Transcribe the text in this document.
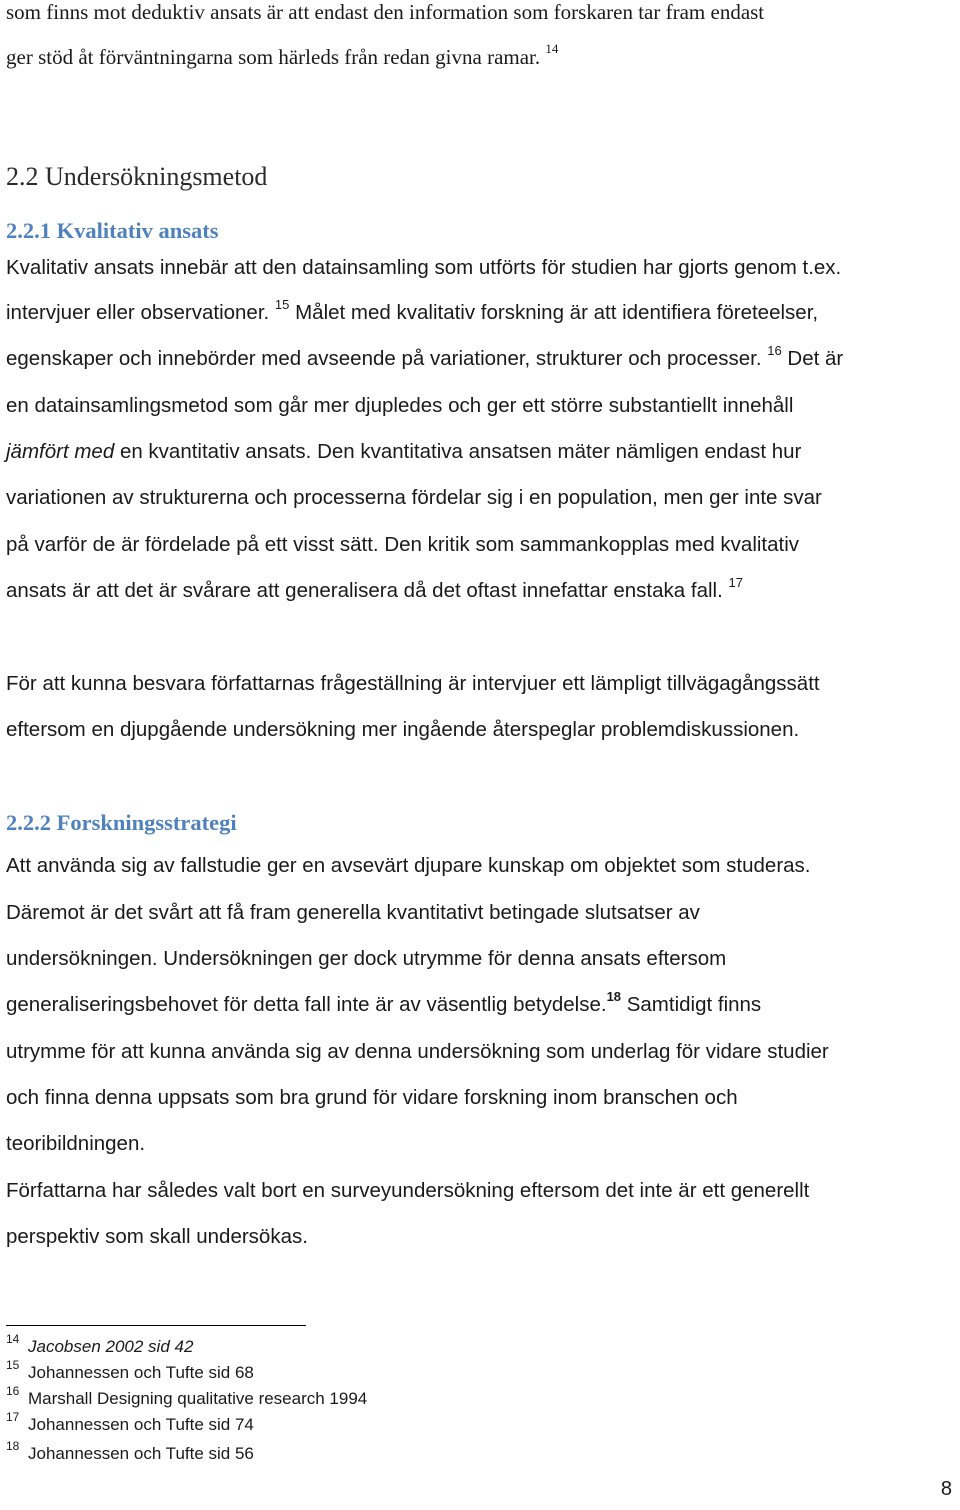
som finns mot deduktiv ansats är att endast den information som forskaren tar fram endast
ger stöd åt förväntningarna som härleds från redan givna ramar. $^{14}$
2.2 Undersökningsmetod
2.2.1 Kvalitativ ansats
Kvalitativ ansats innebär att den datainsamling som utförts för studien har gjorts genom t.ex.
intervjuer eller observationer. $^{15}$ Målet med kvalitativ forskning är att identifiera företeelser,
egenskaper och innebörder med avseende på variationer, strukturer och processer. $^{16}$ Det är
en datainsamlingsmetod som går mer djupledes och ger ett större substantiellt innehåll
jämfört med en kvantitativ ansats. Den kvantitativa ansatsen mäter nämligen endast hur
variationen av strukturerna och processerna fördelar sig i en population, men ger inte svar
på varför de är fördelade på ett visst sätt. Den kritik som sammankopplas med kvalitativ
ansats är att det är svårare att generalisera då det oftast innefattar enstaka fall. $^{17}$
För att kunna besvara författarnas frågeställning är intervjuer ett lämpligt tillvägagångssätt
eftersom en djupgående undersökning mer ingående återspeglar problemdiskussionen.
2.2.2 Forskningsstrategi
Att använda sig av fallstudie ger en avsevärt djupare kunskap om objektet som studeras.
Däremot är det svårt att få fram generella kvantitativt betingade slutsatser av
undersökningen. Undersökningen ger dock utrymme för denna ansats eftersom
generaliseringsbehovet för detta fall inte är av väsentlig betydelse.$^{18}$ Samtidigt finns
utrymme för att kunna använda sig av denna undersökning som underlag för vidare studier
och finna denna uppsats som bra grund för vidare forskning inom branschen och
teoribildningen.
Författarna har således valt bort en surveyundersökning eftersom det inte är ett generellt
perspektiv som skall undersökas.
14 Jacobsen 2002 sid 42
15 Johannessen och Tufte sid 68
16 Marshall Designing qualitative research 1994
17 Johannessen och Tufte sid 74
18 Johannessen och Tufte sid 56
8
